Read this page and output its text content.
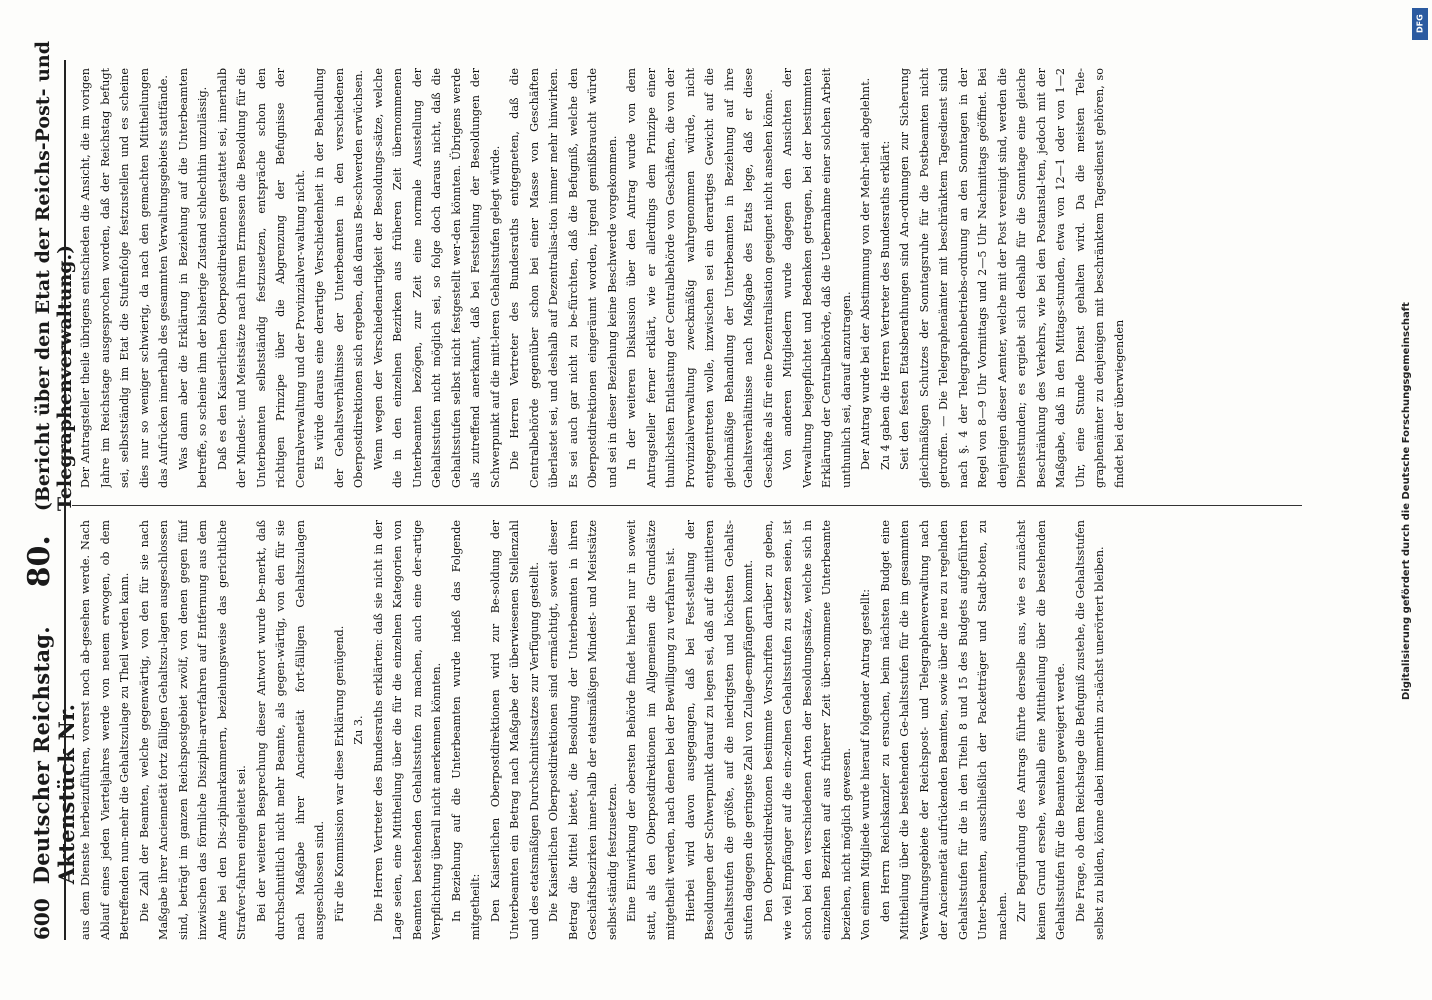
600
Deutscher Reichstag. Aktenstück Nr.
80.
(Bericht über den Etat der Reichs-Post- und Telegraphenverwaltung.)

aus dem Dienste herbeizuführen, vorerst noch ab-gesehen werde. Nach Ablauf eines jeden Vierteljahres werde von neuem erwogen, ob dem Betreffenden nun-mehr die Gehaltszulage zu Theil werden kann. Die Zahl der Beamten, welche gegenwärtig, von den für sie nach Maßgabe ihrer Anciennetät fortz fälligen Gehaltszu-lagen ausgeschlossen sind, beträgt im ganzen Reichspostgebiet zwölf, von denen gegen fünf inzwischen das förmliche Disziplin-arverfahren auf Entfernung aus dem Amte bei den Dis-ziplinarkammern, beziehungsweise das gerichtliche Strafver-fahren eingeleitet sei. Bei der weiteren Besprechung dieser Antwort wurde be-merkt, daß durchschnittlich nicht mehr Beamte, als gegen-wärtig, von den für sie nach Maßgabe ihrer Anciennetät fort-fälligen Gehaltszulagen ausgeschlossen sind. Für die Kommission war diese Erklärung genügend. Zu 3. Die Herren Vertreter des Bundesraths erklärten: daß sie nicht in der Lage seien, eine Mittheilung über die für die einzelnen Kategorien von Beamten bestehenden Gehaltsstufen zu machen, auch eine der-artige Verpflichtung überall nicht anerkennen könnten. In Beziehung auf die Unterbeamten wurde indeß das Folgende mitgetheilt: Den Kaiserlichen Oberpostdirektionen wird zur Be-soldung der Unterbeamten ein Betrag nach Maßgabe der überwiesenen Stellenzahl und des etatsmäßigen Durchschnittssatzes zur Verfügung gestellt. Die Kaiserlichen Oberpostdirektionen sind ermächtigt, soweit dieser Betrag die Mittel bietet, die Besoldung der Unterbeamten in ihren Geschäftsbezirken inner-halb der etatsmäßigen Mindest- und Meistsätze selbst-ständig festzusetzen. Eine Einwirkung der obersten Behörde findet hierbei nur in soweit statt, als den Oberpostdirektionen im Allgemeinen die Grundsätze mitgetheilt werden, nach denen bei der Bewilligung zu verfahren ist. Hierbei wird davon ausgegangen, daß bei Fest-stellung der Besoldungen der Schwerpunkt darauf zu legen sei, daß auf die mittleren Gehaltsstufen die größte, auf die niedrigsten und höchsten Gehalts-stufen dagegen die geringste Zahl von Zulage-empfängern kommt. Den Oberpostdirektionen bestimmte Vorschriften darüber zu geben, wie viel Empfänger auf die ein-zelnen Gehaltsstufen zu setzen seien, ist schon bei den verschiedenen Arten der Besoldungssätze, welche sich in einzelnen Bezirken auf aus früherer Zeit über-nommene Unterbeamte beziehen, nicht möglich gewesen. Von einem Mitgliede wurde hierauf folgender Antrag gestellt: den Herrn Reichskanzler zu ersuchen, beim nächsten Budget eine Mittheilung über die bestehenden Ge-haltsstufen für die im gesammten Verwaltungsgebiete der Reichspost- und Telegraphenverwaltung nach der Anciennetät aufrückenden Beamten, sowie über die neu zu regelnden Gehaltsstufen für die in den Titeln 8 und 15 des Budgets aufgeführten Unter-beamten, ausschließlich der Packetträger und Stadt-boten, zu machen. Zur Begründung des Antrags führte derselbe aus, wie es zunächst keinen Grund ersehe, weshalb eine Mittheilung über die bestehenden Gehaltsstufen für die Beamten geweigert werde. Die Frage, ob dem Reichstage die Befugniß zustehe, die Gehaltsstufen selbst zu bilden, könne dabei immerhin zu-nächst unerörtert bleiben.

Der Antragsteller theile übrigens entschieden die Ansicht, die im vorigen Jahre im Reichstage ausgesprochen worden, daß der Reichstag befugt sei, selbstständig im Etat die Stufenfolge festzustellen und es scheine dies nur so weniger schwierig, da nach den gemachten Mittheilungen das Aufrücken innerhalb des gesammten Verwaltungsgebiets stattfände. Was dann aber die Erklärung in Beziehung auf die Unterbeamten betreffe, so scheine ihm der bisherige Zustand schlechthin unzulässig. Daß es den Kaiserlichen Oberpostdirektionen gestattet sei, innerhalb der Mindest- und Meistsätze nach ihrem Ermessen die Besoldung für die Unterbeamten selbstständig festzusetzen, entspräche schon den richtigen Prinzipe über die Abgrenzung der Befugnisse der Centralverwaltung und der Provinzialver-waltung nicht. Es würde daraus eine derartige Verschiedenheit in der Behandlung der Gehaltsverhältnisse der Unterbeamten in den verschiedenen Oberpostdirektionen sich ergeben, daß daraus Be-schwerden erwüchsen. Wenn wegen der Verschiedenartigkeit der Besoldungs-sätze, welche die in den einzelnen Bezirken aus früheren Zeit übernommenen Unterbeamten bezögen, zur Zeit eine normale Ausstellung der Gehaltsstufen nicht möglich sei, so folge doch daraus nicht, daß die Gehaltsstufen selbst nicht festgestellt wer-den könnten. Übrigens werde als zutreffend anerkannt, daß bei Feststellung der Besoldungen der Schwerpunkt auf die mitt-leren Gehaltsstufen gelegt würde. Die Herren Vertreter des Bundesraths entgegneten, daß die Centralbehörde gegenüber schon bei einer Masse von Geschäften überlastet sei, und deshalb auf Dezentralisa-tion immer mehr hinwirken. Es sei auch gar nicht zu be-fürchten, daß die Befugniß, welche den Oberpostdirektionen eingeräumt worden, irgend gemißbraucht würde und sei in dieser Beziehung keine Beschwerde vorgekommen. In der weiteren Diskussion über den Antrag wurde von dem Antragsteller ferner erklärt, wie er allerdings dem Prinzipe einer thunlichsten Entlastung der Centralbehörde von Geschäften, die von der Provinzialverwaltung zweckmäßig wahrgenommen würde, nicht entgegentreten wolle, inzwischen sei ein derartiges Gewicht auf die gleichmäßige Behandlung der Unterbeamten in Beziehung auf ihre Gehaltsverhältnisse nach Maßgabe des Etats lege, daß er diese Geschäfte als für eine Dezentralisation geeignet nicht ansehen könne. Von anderen Mitgliedern wurde dagegen den Ansichten der Verwaltung beigepflichtet und Bedenken getragen, bei der bestimmten Erklärung der Centralbehörde, daß die Uebernahme einer solchen Arbeit unthunlich sei, darauf anzutragen. Der Antrag wurde bei der Abstimmung von der Mehr-heit abgelehnt. Zu 4 gaben die Herren Vertreter des Bundesraths erklärt: Seit den festen Etatsberathungen sind An-ordnungen zur Sicherung gleichmäßigen Schutzes der Sonntagsruhe für die Postbeamten nicht getroffen. — Die Telegraphenämter mit beschränktem Tagesdienst sind nach §. 4 der Telegraphenbetriebs-ordnung an den Sonntagen in der Regel von 8—9 Uhr Vormittags und 2—5 Uhr Nachmittags geöffnet. Bei denjenigen dieser Aemter, welche mit der Post vereinigt sind, werden die Dienststunden; es ergiebt sich deshalb für die Sonntage eine gleiche Beschränkung des Verkehrs, wie bei den Postanstal-ten, jedoch mit der Maßgabe, daß in den Mittags-stunden, etwa von 12—1 oder von 1—2 Uhr, eine Stunde Dienst gehalten wird. Da die meisten Tele-graphenämter zu denjenigen mit beschränktem Tagesdienst gehören, so findet bei der überwiegenden	Digitalisierung gefördert durch die Deutsche Forschungsgemeinschaft
DFG
